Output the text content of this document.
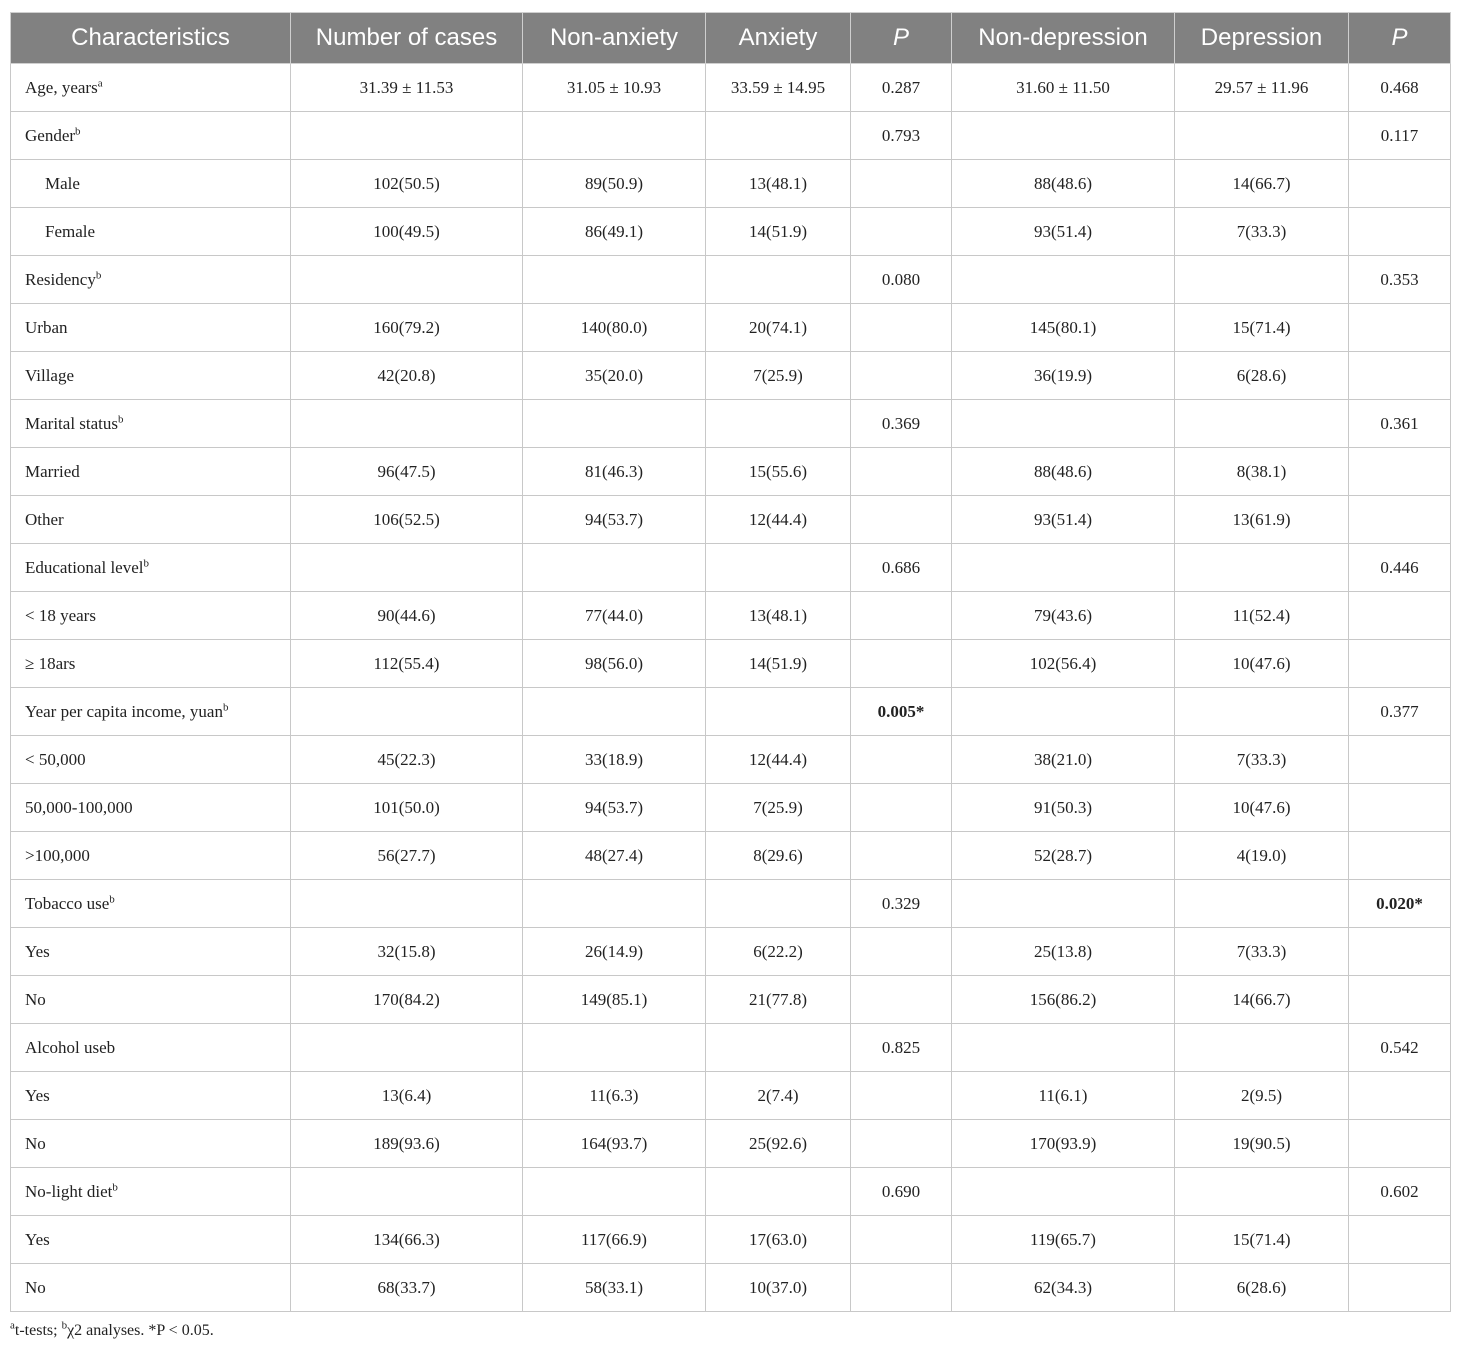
Characteristics	Number of cases	Non-anxiety	Anxiety	P	Non-depression	Depression	P
Age, years$^a$	31.39 ± 11.53	31.05 ± 10.93	33.59 ± 14.95	0.287	31.60 ± 11.50	29.57 ± 11.96	0.468
Gender$^b$				0.793			0.117
Male	102(50.5)	89(50.9)	13(48.1)		88(48.6)	14(66.7)	
Female	100(49.5)	86(49.1)	14(51.9)		93(51.4)	7(33.3)	
Residency$^b$				0.080			0.353
Urban	160(79.2)	140(80.0)	20(74.1)		145(80.1)	15(71.4)	
Village	42(20.8)	35(20.0)	7(25.9)		36(19.9)	6(28.6)	
Marital status$^b$				0.369			0.361
Married	96(47.5)	81(46.3)	15(55.6)		88(48.6)	8(38.1)	
Other	106(52.5)	94(53.7)	12(44.4)		93(51.4)	13(61.9)	
Educational level$^b$				0.686			0.446
< 18 years	90(44.6)	77(44.0)	13(48.1)		79(43.6)	11(52.4)	
≥ 18ars	112(55.4)	98(56.0)	14(51.9)		102(56.4)	10(47.6)	
Year per capita income, yuan$^b$				0.005*			0.377
< 50,000	45(22.3)	33(18.9)	12(44.4)		38(21.0)	7(33.3)	
50,000-100,000	101(50.0)	94(53.7)	7(25.9)		91(50.3)	10(47.6)	
>100,000	56(27.7)	48(27.4)	8(29.6)		52(28.7)	4(19.0)	
Tobacco use$^b$				0.329			0.020*
Yes	32(15.8)	26(14.9)	6(22.2)		25(13.8)	7(33.3)	
No	170(84.2)	149(85.1)	21(77.8)		156(86.2)	14(66.7)	
Alcohol useb				0.825			0.542
Yes	13(6.4)	11(6.3)	2(7.4)		11(6.1)	2(9.5)	
No	189(93.6)	164(93.7)	25(92.6)		170(93.9)	19(90.5)	
No-light diet$^b$				0.690			0.602
Yes	134(66.3)	117(66.9)	17(63.0)		119(65.7)	15(71.4)	
No	68(33.7)	58(33.1)	10(37.0)		62(34.3)	6(28.6)	
$^a$t-tests; $^b$χ2 analyses. *P < 0.05.
